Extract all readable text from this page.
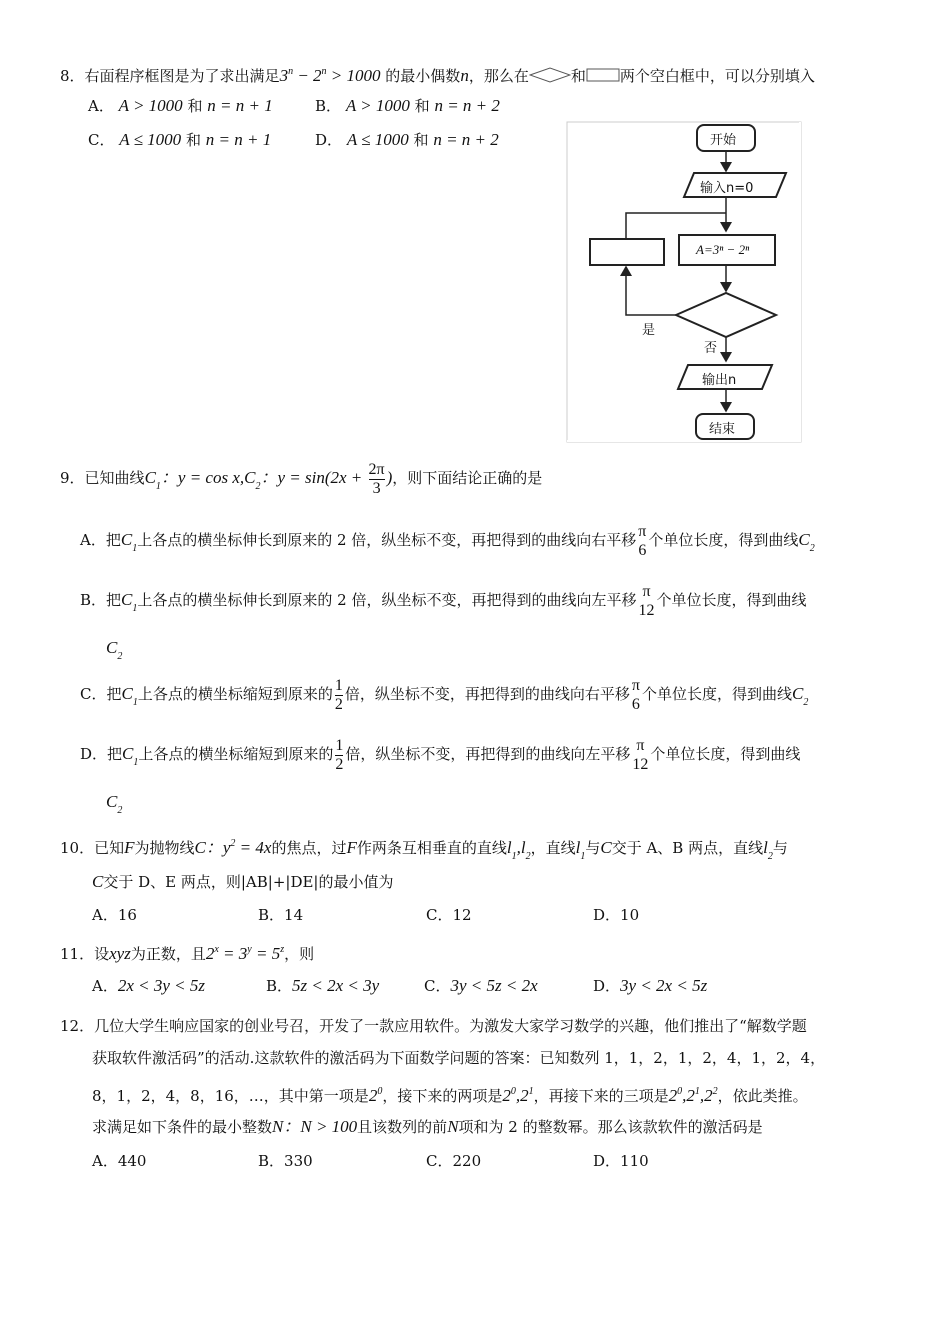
8．右面程序框图是为了求出满足$3^n - 2^n > 1000$ 的最小偶数n，那么在	和 两个空白框中，可以分别填入
A． A > 1000 和 n = n + 1	B． A > 1000 和 n = n + 2
C． A ≤ 1000 和 n = n + 1	D． A ≤ 1000 和 n = n + 2	开始
输入n=0
A=3ⁿ − 2ⁿ
是
否
输出n
结束
9．已知曲线$C_1$：$y = \cos x,C_2$：$y = \sin(2x + \frac{2\pi}{3}$ )，则下面结论正确的是
A．把$C_1$上各点的横坐标伸长到原来的 2 倍，纵坐标不变，再把得到的曲线向右平移 $\frac{\pi}{6}$ 个单位长度，得到曲线$C_2$
B．把$C_1$上各点的横坐标伸长到原来的 2 倍，纵坐标不变，再把得到的曲线向左平移 $\frac{\pi}{12}$ 个单位长度，得到曲线
$C_2$
C．把$C_1$上各点的横坐标缩短到原来的 $\frac{1}{2}$ 倍，纵坐标不变，再把得到的曲线向右平移 $\frac{\pi}{6}$ 个单位长度，得到曲线$C_2$
D．把$C_1$上各点的横坐标缩短到原来的 $\frac{1}{2}$ 倍，纵坐标不变，再把得到的曲线向左平移 $\frac{\pi}{12}$ 个单位长度，得到曲线
$C_2$
10．已知F为抛物线C：$y^2 = 4x$的焦点，过F作两条互相垂直的直线$l_1,l_2$，直线$l_1$与C交于 A、B 两点，直线$l_2$与
C交于 D、E 两点，则|AB|+|DE|的最小值为
A．16	B．14	C．12	D．10
11．设xyz为正数，且$2^x = 3^y = 5^z$，则
A．2x < 3y < 5z	B．5z < 2x < 3y	C．3y < 5z < 2x	D．3y < 2x < 5z
12．几位大学生响应国家的创业号召，开发了一款应用软件。为激发大家学习数学的兴趣，他们推出了“解数学题
获取软件激活码”的活动.这款软件的激活码为下面数学问题的答案：已知数列 1，1，2，1，2，4，1，2，4，
8，1，2，4，8，16，…，其中第一项是$2^0$，接下来的两项是$2^0,2^1$，再接下来的三项是$2^0,2^1,2^2$，依此类推。
求满足如下条件的最小整数N：N > 100且该数列的前N项和为 2 的整数幂。那么该款软件的激活码是
A．440	B．330	C．220	D．110
